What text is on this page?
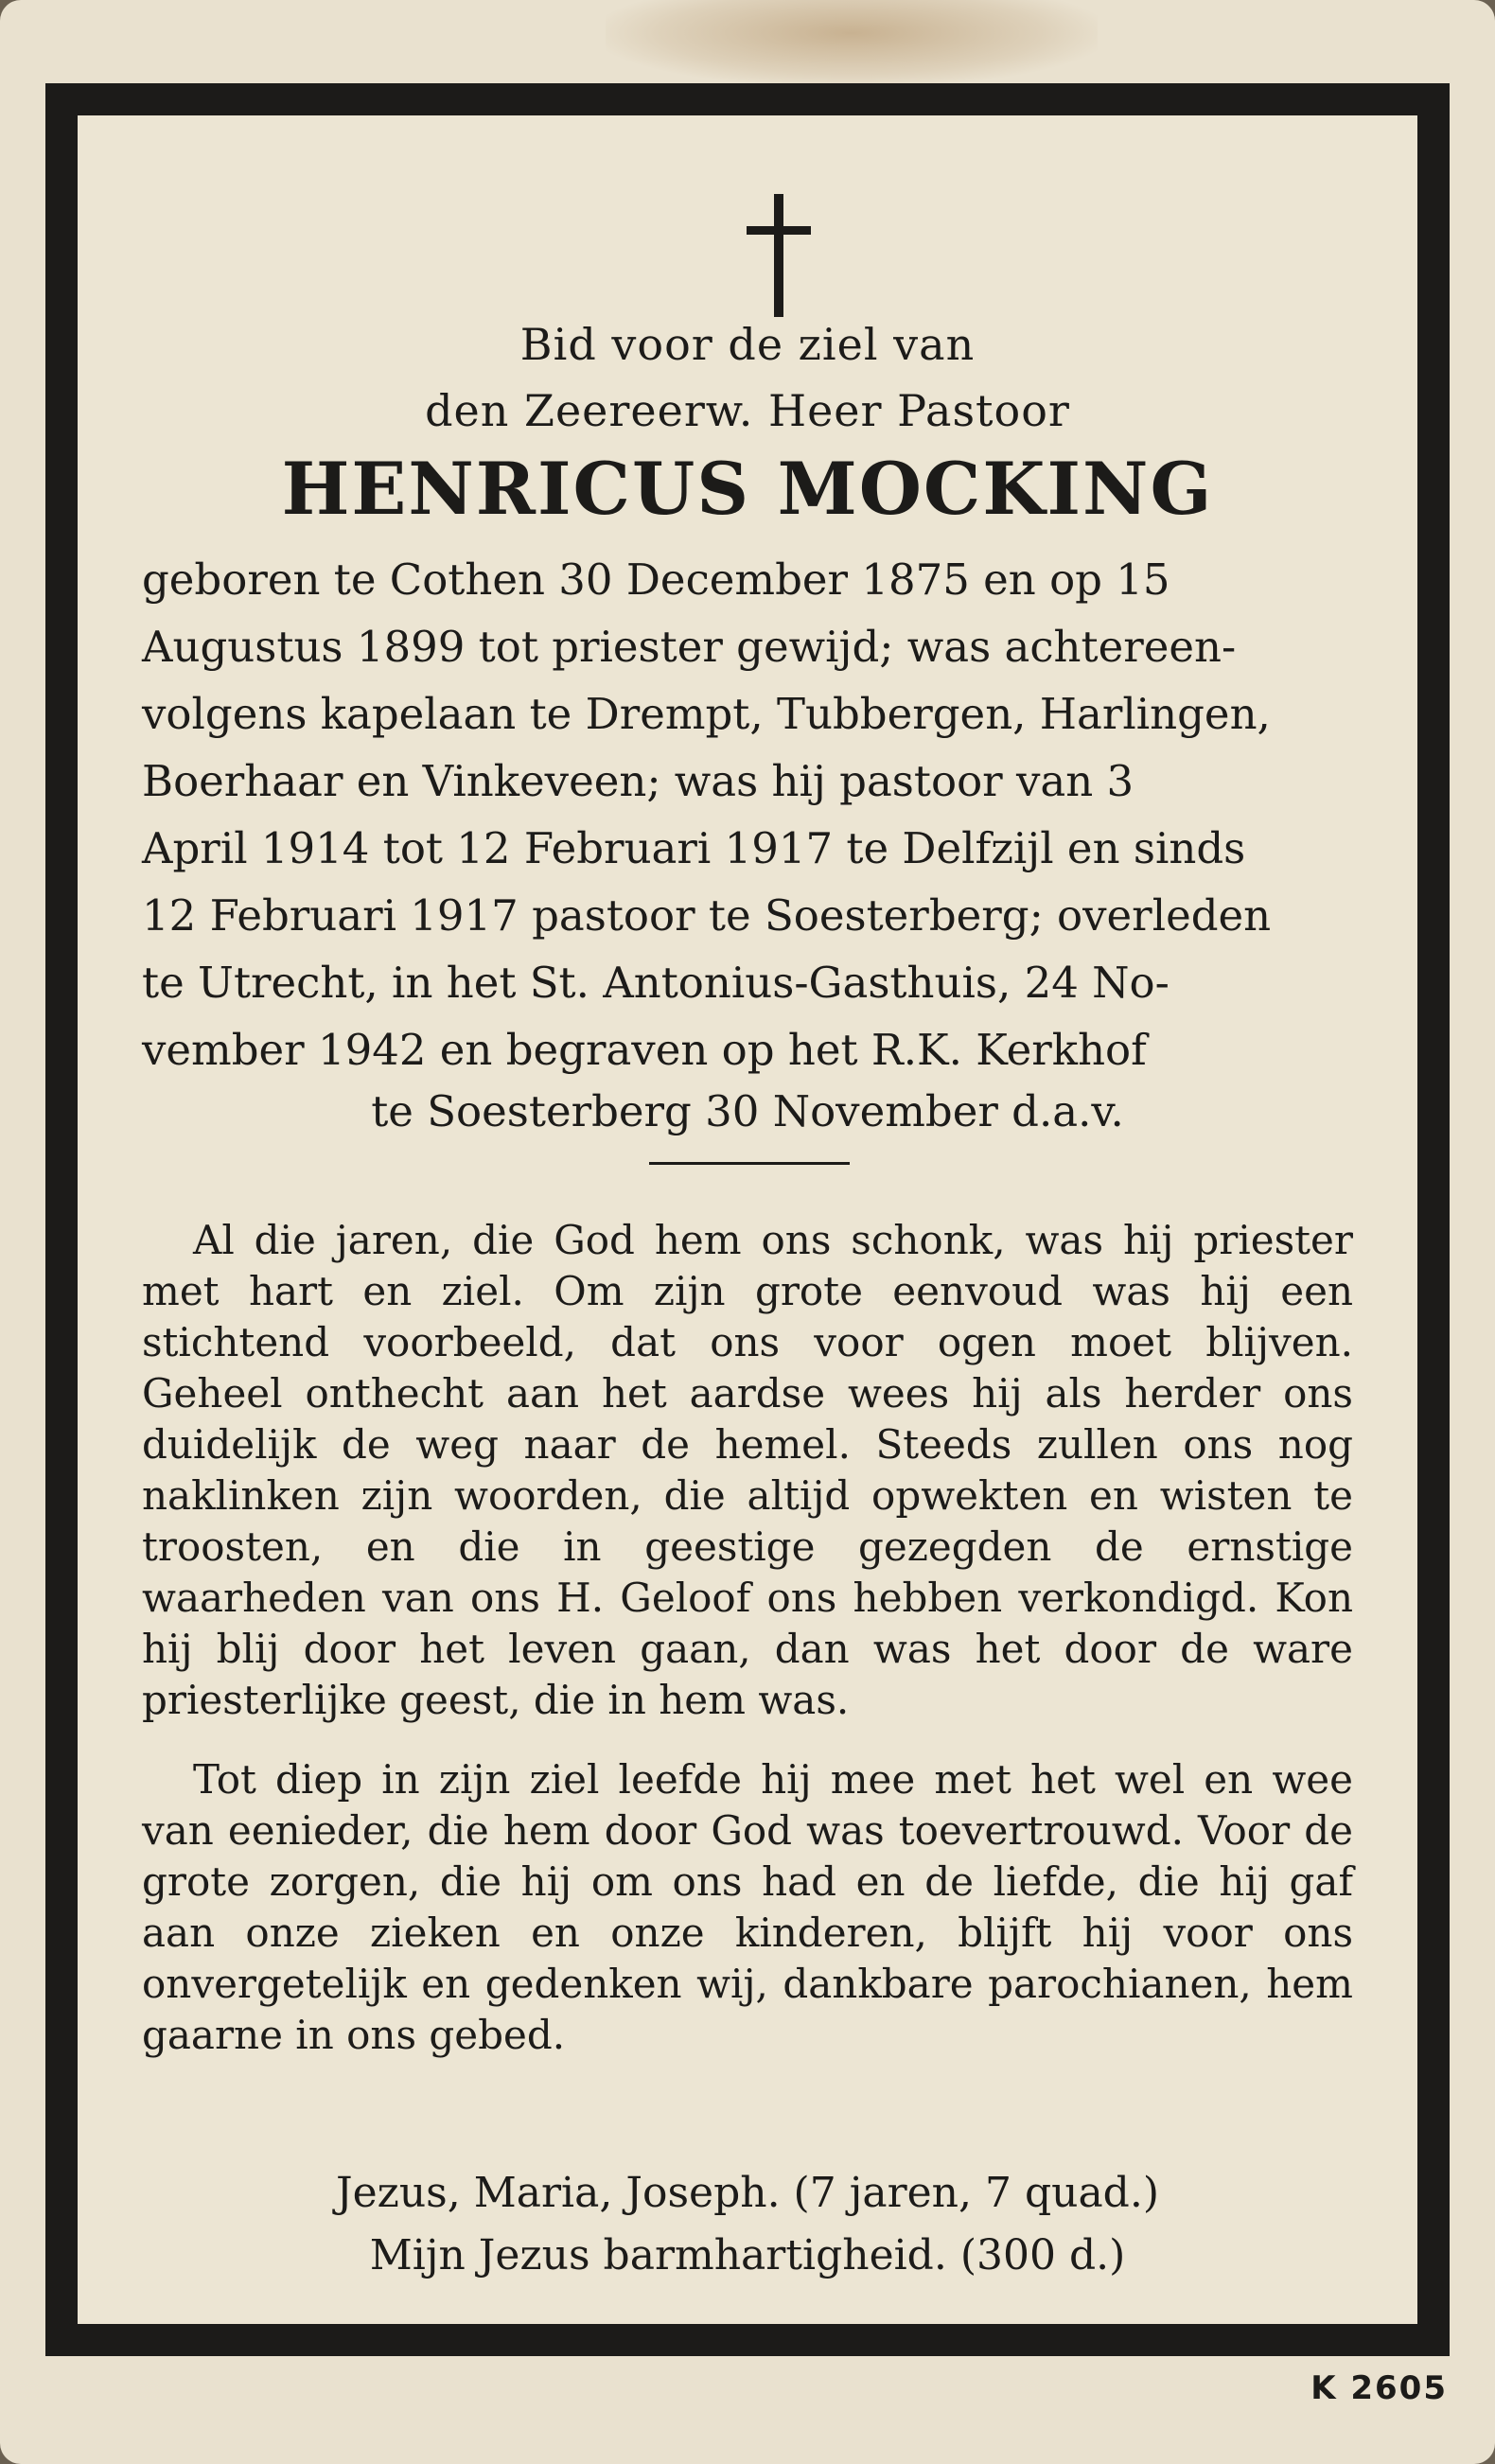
Bid voor de ziel van
den Zeereerw. Heer Pastoor
HENRICUS MOCKING
geboren te Cothen 30 December 1875 en op 15
Augustus 1899 tot priester gewijd; was achtereen-
volgens kapelaan te Drempt, Tubbergen, Harlingen,
Boerhaar en Vinkeveen; was hij pastoor van 3
April 1914 tot 12 Februari 1917 te Delfzijl en sinds
12 Februari 1917 pastoor te Soesterberg; overleden
te Utrecht, in het St. Antonius-Gasthuis, 24 No-
vember 1942 en begraven op het R.K. Kerkhof
te Soesterberg 30 November d.a.v.
Al die jaren, die God hem ons schonk, was hij priester met hart en ziel. Om zijn grote eenvoud was hij een stichtend voorbeeld, dat ons voor ogen moet blijven. Geheel onthecht aan het aardse wees hij als herder ons duidelijk de weg naar de hemel. Steeds zullen ons nog naklinken zijn woorden, die altijd opwekten en wisten te troosten, en die in geestige gezegden de ernstige waarheden van ons H. Geloof ons hebben verkondigd. Kon hij blij door het leven gaan, dan was het door de ware priesterlijke geest, die in hem was.
Tot diep in zijn ziel leefde hij mee met het wel en wee van eenieder, die hem door God was toevertrouwd. Voor de grote zorgen, die hij om ons had en de liefde, die hij gaf aan onze zieken en onze kinderen, blijft hij voor ons onvergetelijk en gedenken wij, dankbare parochianen, hem gaarne in ons gebed.
Jezus, Maria, Joseph. (7 jaren, 7 quad.)
Mijn Jezus barmhartigheid. (300 d.)
K 2605
